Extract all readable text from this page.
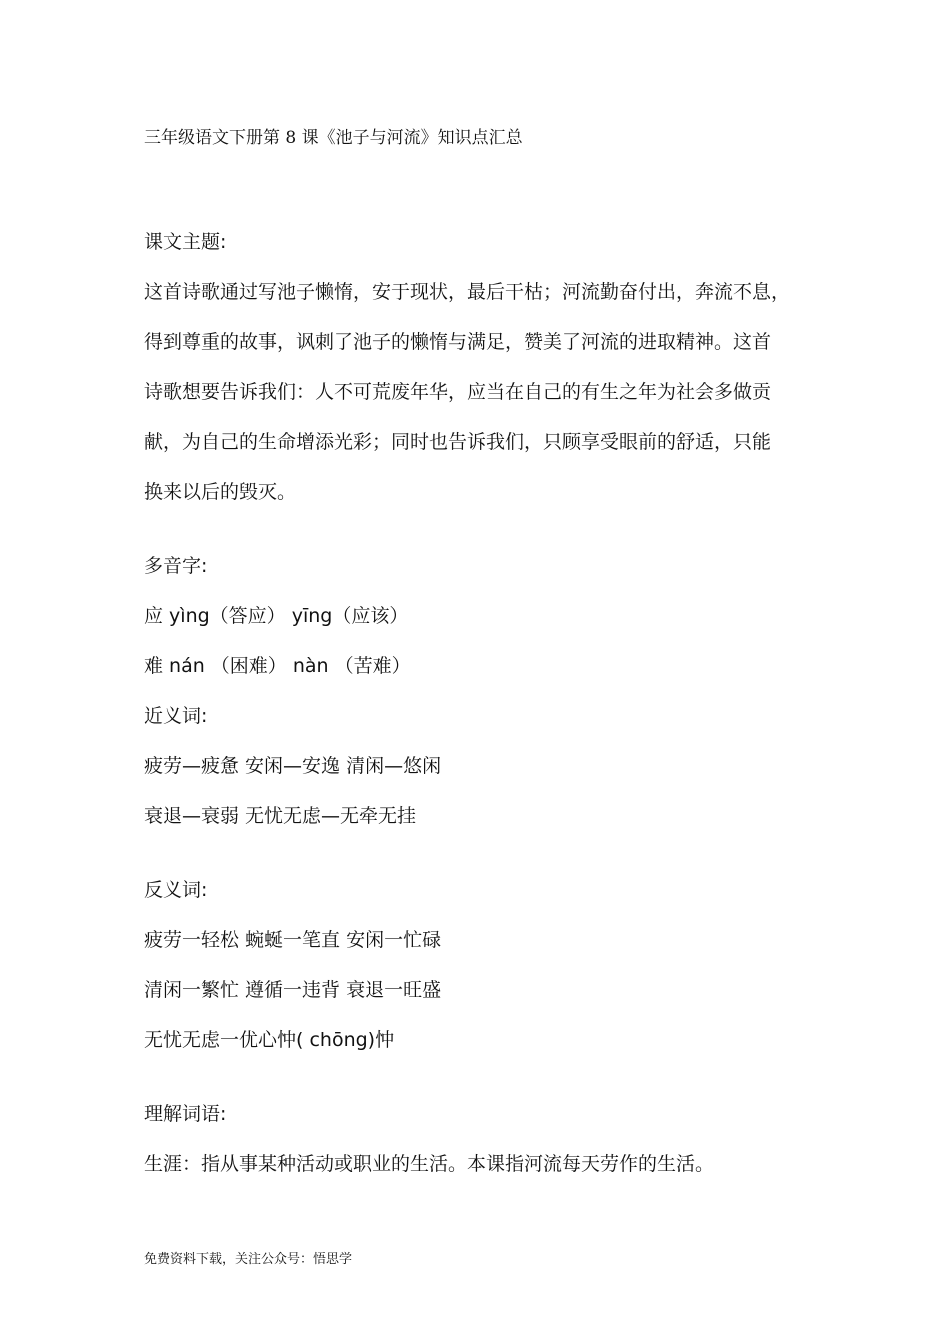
三年级语文下册第 8 课《池子与河流》知识点汇总
课文主题:
这首诗歌通过写池子懒惰，安于现状，最后干枯；河流勤奋付出，奔流不息，
得到尊重的故事，讽刺了池子的懒惰与满足，赞美了河流的进取精神。这首
诗歌想要告诉我们：人不可荒废年华，应当在自己的有生之年为社会多做贡
献，为自己的生命增添光彩；同时也告诉我们，只顾享受眼前的舒适，只能
换来以后的毁灭。
多音字:
应 yìng（答应） yīng（应该）
难 nán （困难） nàn （苦难）
近义词:
疲劳—疲惫 安闲—安逸 清闲—悠闲
衰退—衰弱 无忧无虑—无牵无挂
反义词:
疲劳一轻松 蜿蜒一笔直 安闲一忙碌
清闲一繁忙 遵循一违背 衰退一旺盛
无忧无虑一优心忡( chōng)忡
理解词语:
生涯：指从事某种活动或职业的生活。本课指河流每天劳作的生活。
免费资料下载，关注公众号：悟思学
